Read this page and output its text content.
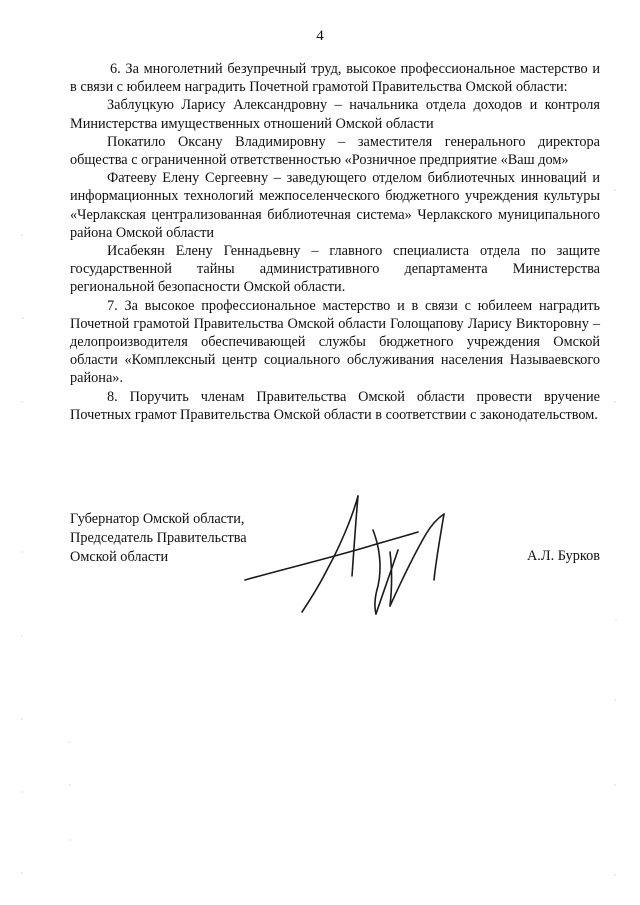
4

6. За многолетний безупречный труд, высокое профессиональное мастерство и в связи с юбилеем наградить Почетной грамотой Правительства Омской области:

Заблуцкую Ларису Александровну – начальника отдела доходов и контроля Министерства имущественных отношений Омской области

Покатило Оксану Владимировну – заместителя генерального директора общества с ограниченной ответственностью «Розничное предприятие «Ваш дом»

Фатееву Елену Сергеевну – заведующего отделом библиотечных инноваций и информационных технологий межпоселенческого бюджетного учреждения культуры «Черлакская централизованная библиотечная система» Черлакского муниципального района Омской области

Исабекян Елену Геннадьевну – главного специалиста отдела по защите государственной тайны административного департамента Министерства региональной безопасности Омской области.

7. За высокое профессиональное мастерство и в связи с юбилеем наградить Почетной грамотой Правительства Омской области Голощапову Ларису Викторовну – делопроизводителя обеспечивающей службы бюджетного учреждения Омской области «Комплексный центр социального обслуживания населения Называевского района».

8. Поручить членам Правительства Омской области провести вручение Почетных грамот Правительства Омской области в соответствии с законодательством.

Губернатор Омской области,
Председатель Правительства
Омской области	А.Л. Бурков
